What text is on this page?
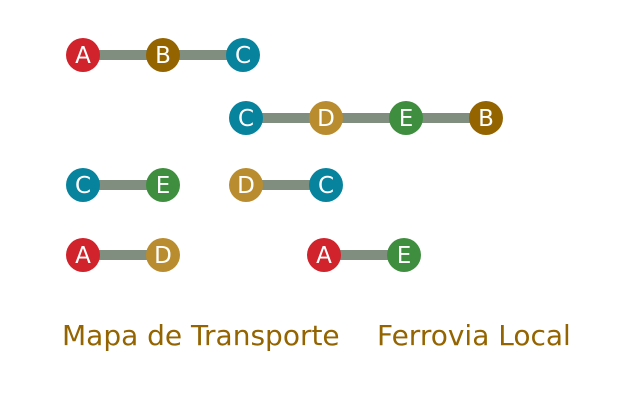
A	B	C
C	D	E	B
C	E	D	C
A	D	A	E
Mapa de Transporte Ferrovia Local
